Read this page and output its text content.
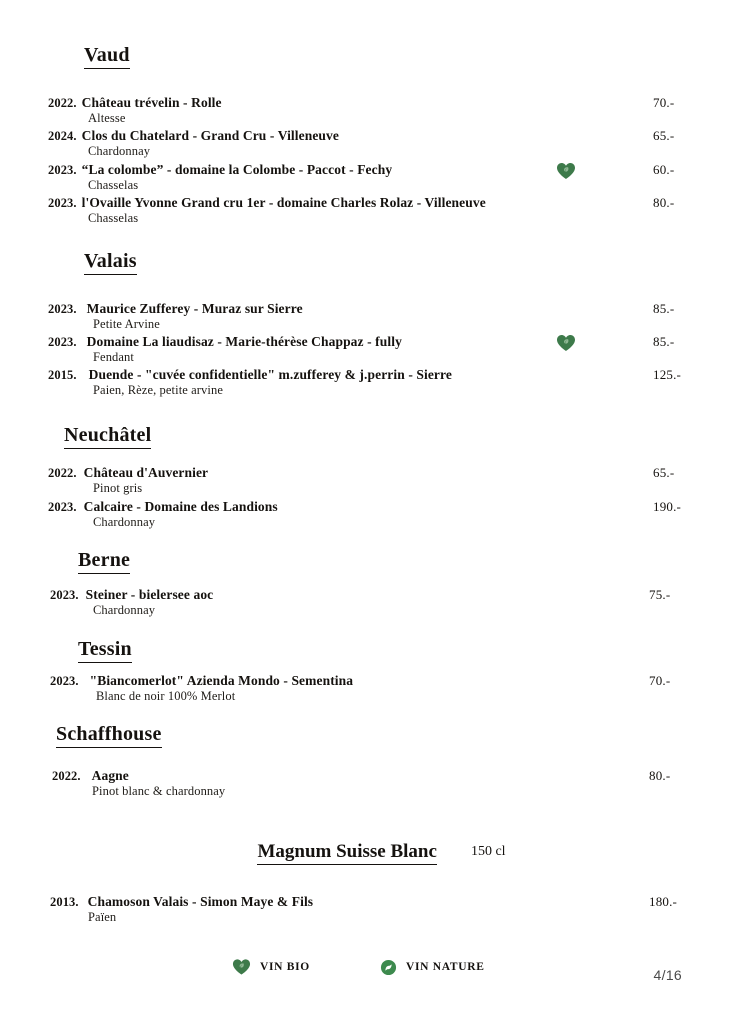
Vaud
2022. Château trévelin - Rolle
Altesse
70.-
2024. Clos du Chatelard - Grand Cru - Villeneuve
Chardonnay
65.-
2023. “La colombe” - domaine la Colombe - Paccot - Fechy
Chasselas
60.-
2023. l'Ovaille Yvonne Grand cru 1er - domaine Charles Rolaz - Villeneuve
Chasselas
80.-
Valais
2023. Maurice Zufferey - Muraz sur Sierre
Petite Arvine
85.-
2023. Domaine La liaudisaz - Marie-thérèse Chappaz - fully
Fendant
85.-
2015. Duende - "cuvée confidentielle" m.zufferey & j.perrin - Sierre
Paien, Rèze, petite arvine
125.-
Neuchâtel
2022. Château d'Auvernier
Pinot gris
65.-
2023. Calcaire - Domaine des Landions
Chardonnay
190.-
Berne
2023. Steiner - bielersee aoc
Chardonnay
75.-
Tessin
2023. "Biancomerlot" Azienda Mondo - Sementina
Blanc de noir 100% Merlot
70.-
Schaffhouse
2022. Aagne
Pinot blanc & chardonnay
80.-
Magnum Suisse Blanc 150 cl
2013. Chamoson Valais - Simon Maye & Fils
Païen
180.-
VIN BIO	VIN NATURE	4/16
